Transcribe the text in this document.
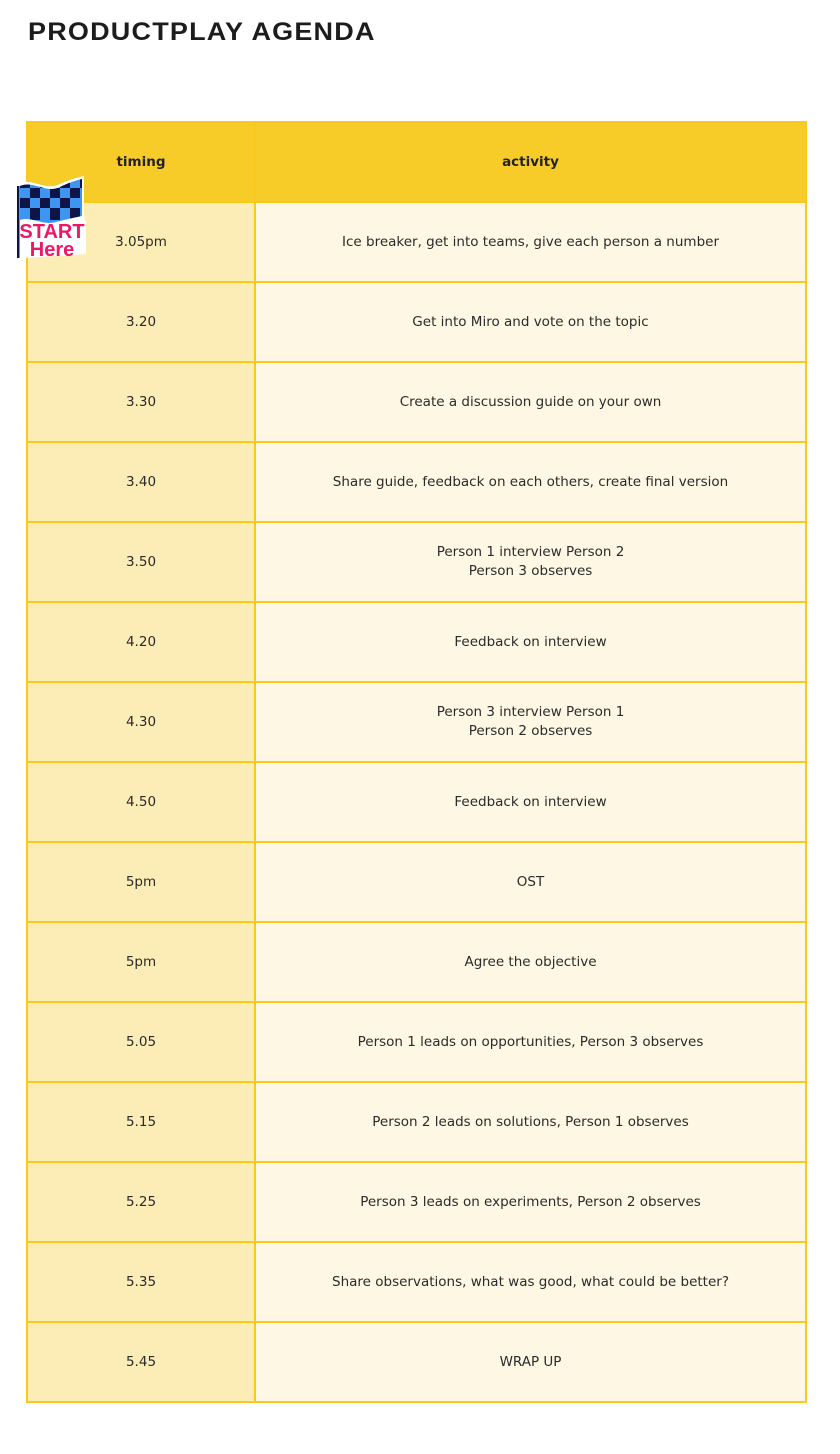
PRODUCTPLAY AGENDA
timing	activity
3.05pm	Ice breaker, get into teams, give each person a number

3.20	Get into Miro and vote on the topic

3.30	Create a discussion guide on your own

3.40	Share guide, feedback on each others, create final version

3.50	Person 1 interview Person 2
Person 3 observes

4.20	Feedback on interview

4.30	Person 3 interview Person 1
Person 2 observes

4.50	Feedback on interview

5pm	OST

5pm	Agree the objective

5.05	Person 1 leads on opportunities, Person 3 observes

5.15	Person 2 leads on solutions, Person 1 observes

5.25	Person 3 leads on experiments, Person 2 observes

5.35	Share observations, what was good, what could be better?

5.45	WRAP UP
START
Here
